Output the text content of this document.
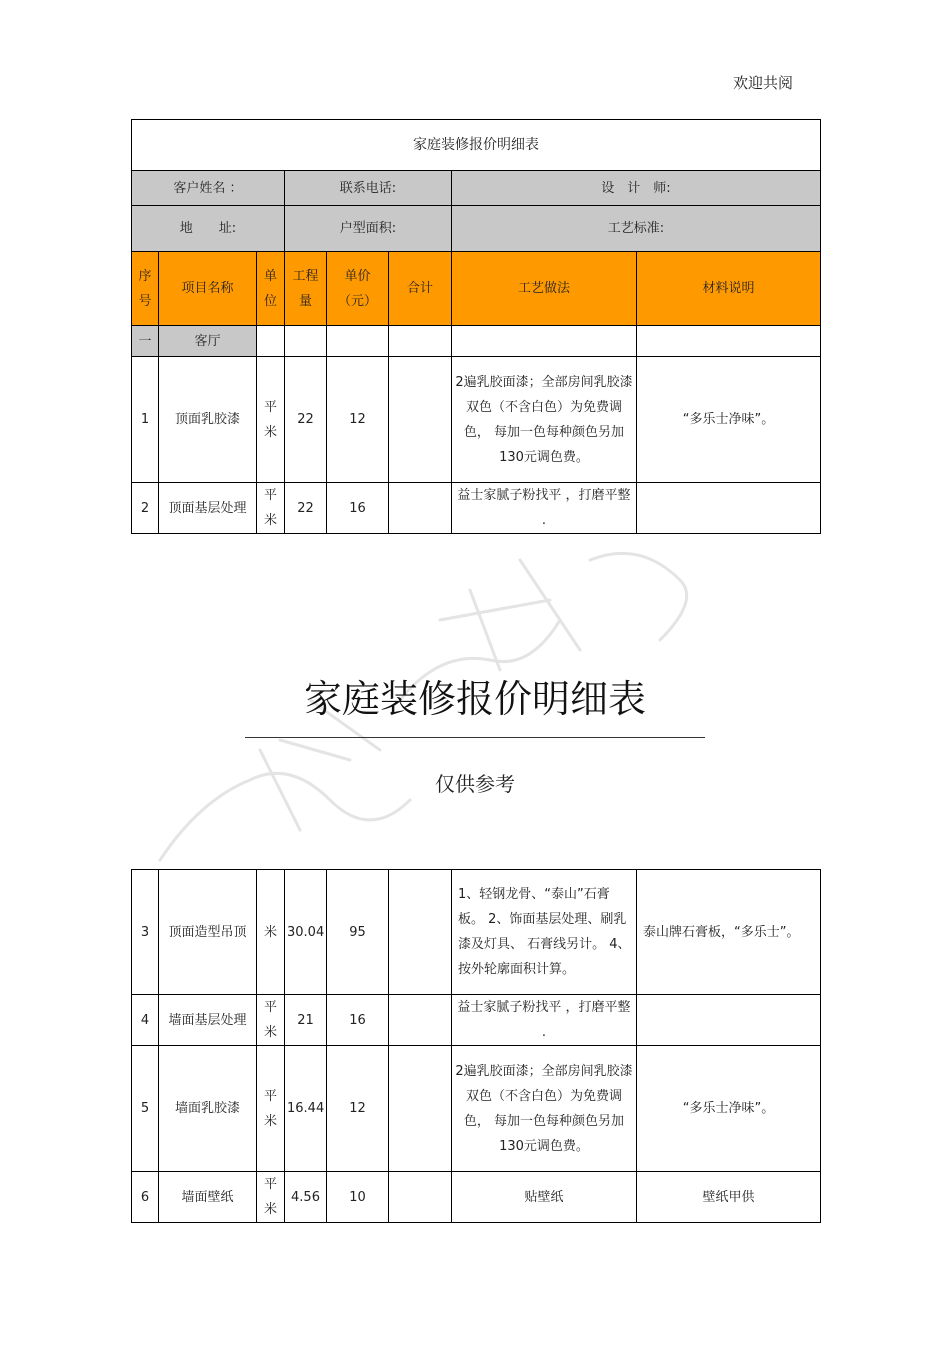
欢迎共阅
家庭装修报价明细表							
客户姓名 ：			联系电话:			设　计　师:	
地　　址:			户型面积:			工艺标准:	
序号	项目名称	单位	工程量	单价（元）	合计	工艺做法	材料说明
一	客厅						
1	顶面乳胶漆	平米	22	12		2遍乳胶面漆；全部房间乳胶漆双色（不含白色）为免费调色， 每加一色每种颜色另加 130元调色费。	“多乐士净味”。
2	顶面基层处理	平米	22	16		益士家腻子粉找平 ，打磨平整 .	
家庭装修报价明细表
仅供参考
3	顶面造型吊顶	米	30.04	95		1、轻钢龙骨、“泰山”石膏板。 2、饰面基层处理、刷乳漆及灯具、 石膏线另计。 4、按外轮廓面积计算。	泰山牌石膏板，“多乐士”。
4	墙面基层处理	平米	21	16		益士家腻子粉找平 ，打磨平整 .	
5	墙面乳胶漆	平米	16.44	12		2遍乳胶面漆；全部房间乳胶漆双色（不含白色）为免费调色， 每加一色每种颜色另加 130元调色费。	“多乐士净味”。
6	墙面壁纸	平米	4.56	10		贴壁纸	壁纸甲供
